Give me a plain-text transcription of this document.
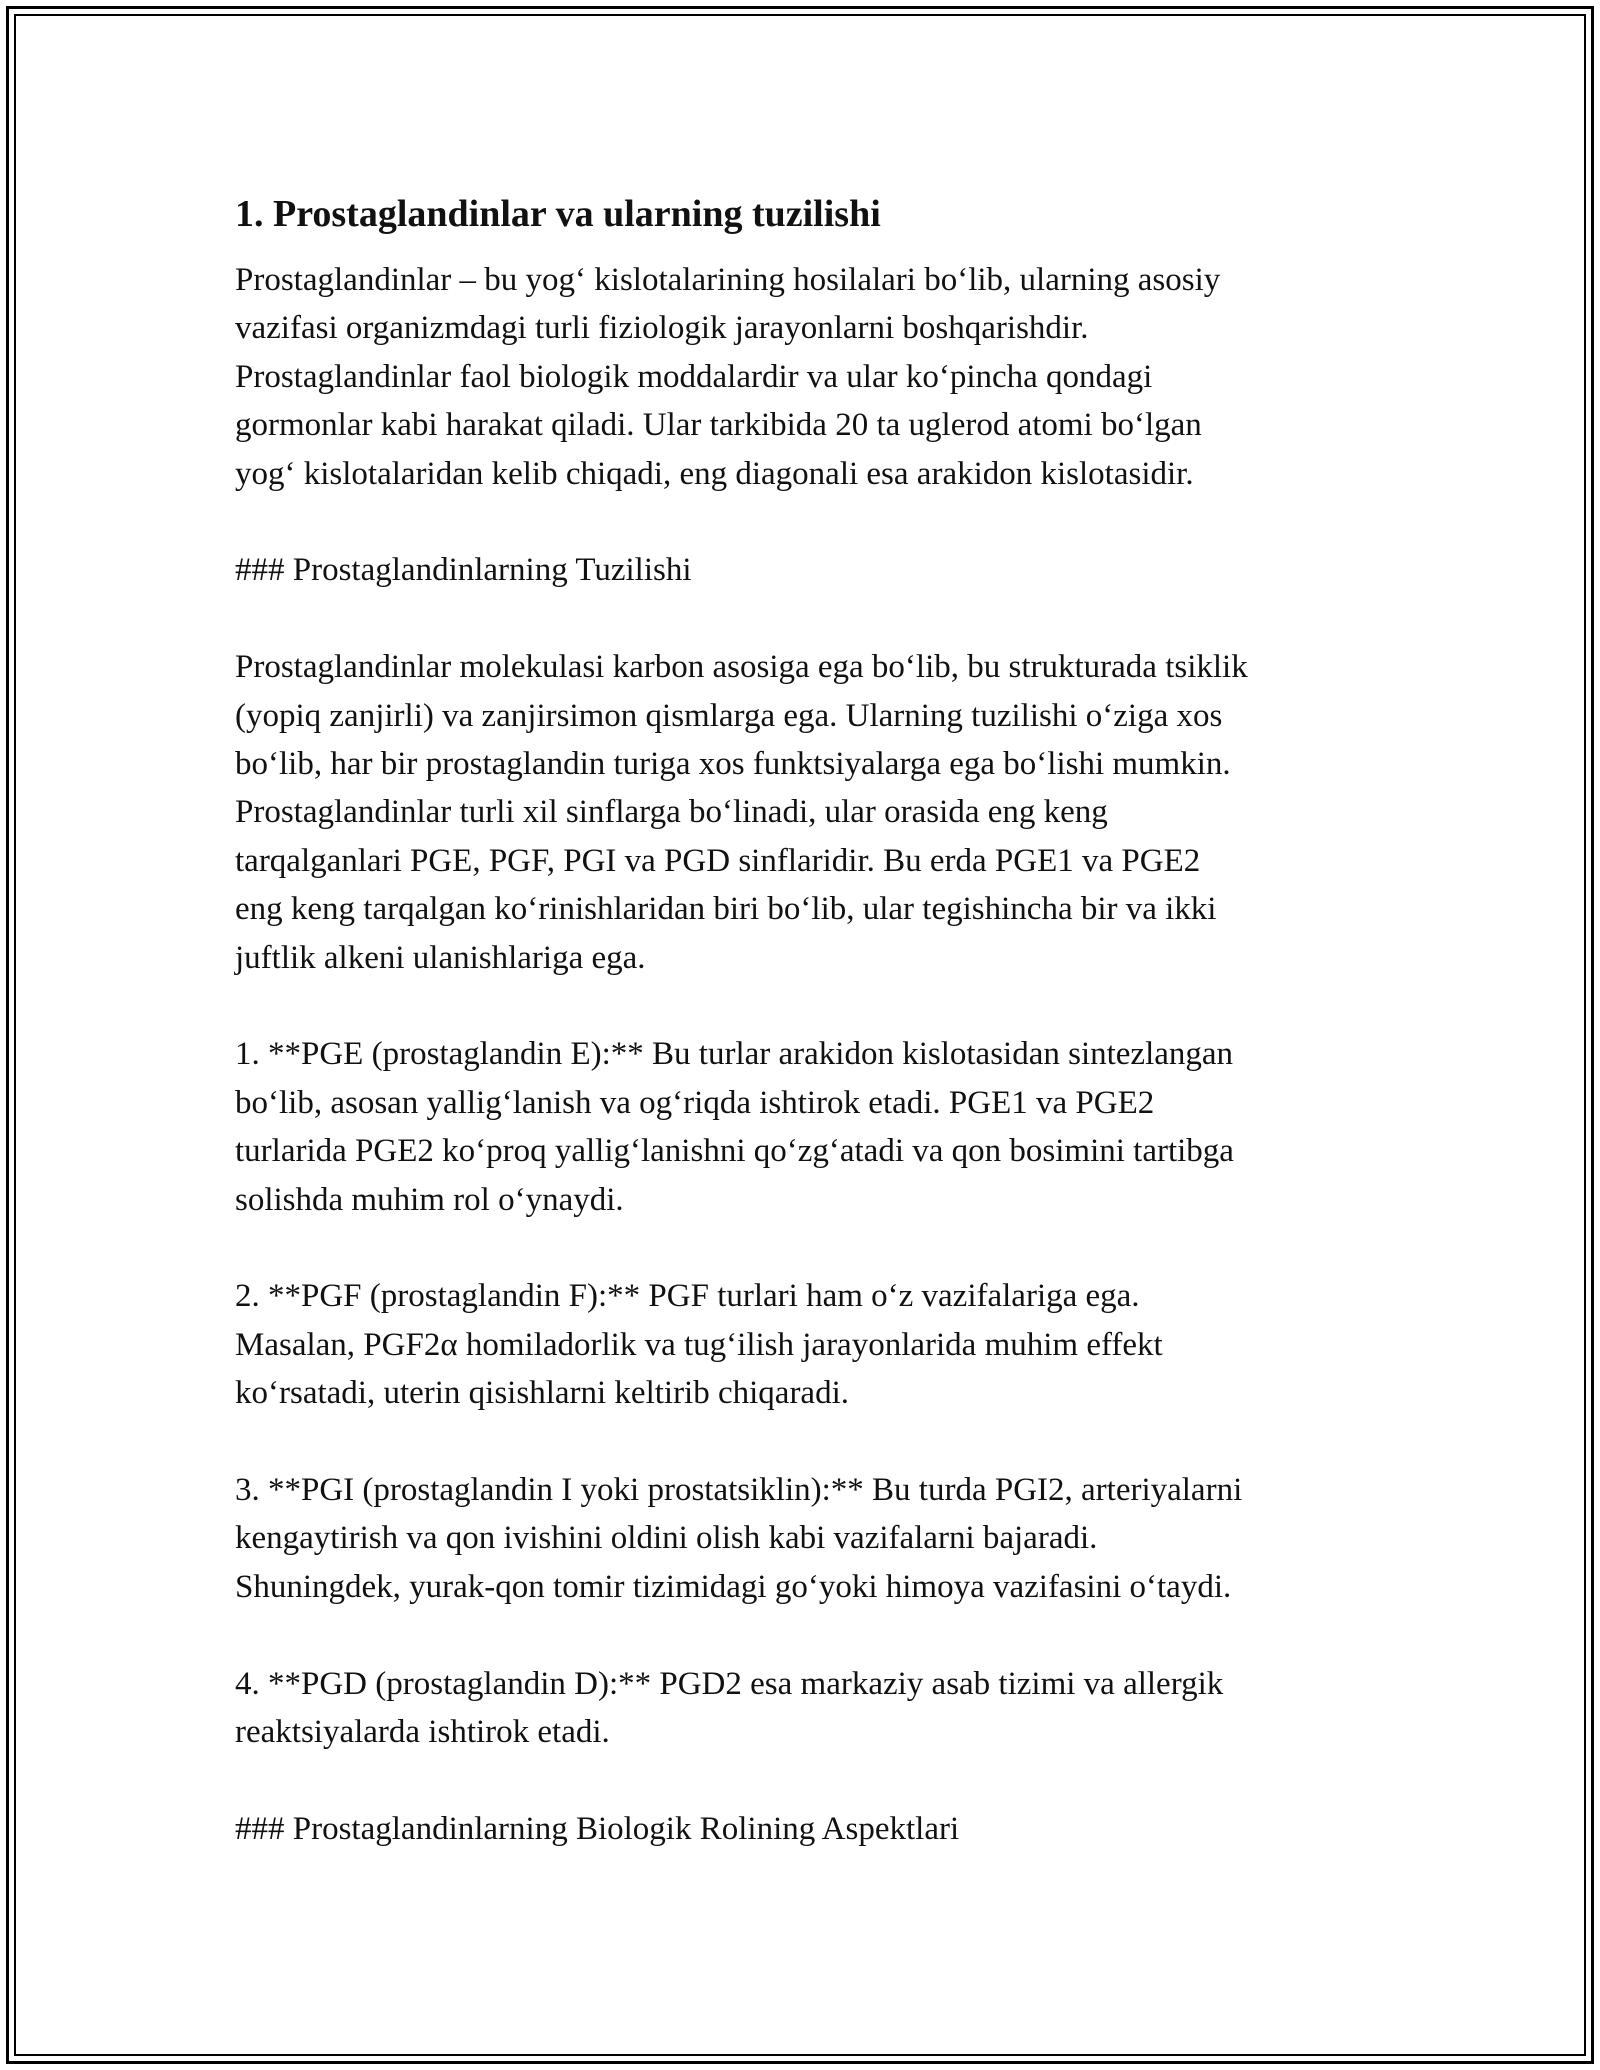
1. Prostaglandinlar va ularning tuzilishi

Prostaglandinlar – bu yog‘ kislotalarining hosilalari bo‘lib, ularning asosiy
vazifasi organizmdagi turli fiziologik jarayonlarni boshqarishdir.
Prostaglandinlar faol biologik moddalardir va ular ko‘pincha qondagi
gormonlar kabi harakat qiladi. Ular tarkibida 20 ta uglerod atomi bo‘lgan
yog‘ kislotalaridan kelib chiqadi, eng diagonali esa arakidon kislotasidir.

### Prostaglandinlarning Tuzilishi

Prostaglandinlar molekulasi karbon asosiga ega bo‘lib, bu strukturada tsiklik
(yopiq zanjirli) va zanjirsimon qismlarga ega. Ularning tuzilishi o‘ziga xos
bo‘lib, har bir prostaglandin turiga xos funktsiyalarga ega bo‘lishi mumkin.
Prostaglandinlar turli xil sinflarga bo‘linadi, ular orasida eng keng
tarqalganlari PGE, PGF, PGI va PGD sinflaridir. Bu erda PGE1 va PGE2
eng keng tarqalgan ko‘rinishlaridan biri bo‘lib, ular tegishincha bir va ikki
juftlik alkeni ulanishlariga ega.

1. **PGE (prostaglandin E):** Bu turlar arakidon kislotasidan sintezlangan
bo‘lib, asosan yallig‘lanish va og‘riqda ishtirok etadi. PGE1 va PGE2
turlarida PGE2 ko‘proq yallig‘lanishni qo‘zg‘atadi va qon bosimini tartibga
solishda muhim rol o‘ynaydi.

2. **PGF (prostaglandin F):** PGF turlari ham o‘z vazifalariga ega.
Masalan, PGF2α homiladorlik va tug‘ilish jarayonlarida muhim effekt
ko‘rsatadi, uterin qisishlarni keltirib chiqaradi.

3. **PGI (prostaglandin I yoki prostatsiklin):** Bu turda PGI2, arteriyalarni
kengaytirish va qon ivishini oldini olish kabi vazifalarni bajaradi.
Shuningdek, yurak-qon tomir tizimidagi go‘yoki himoya vazifasini o‘taydi.

4. **PGD (prostaglandin D):** PGD2 esa markaziy asab tizimi va allergik
reaktsiyalarda ishtirok etadi.

### Prostaglandinlarning Biologik Rolining Aspektlari
